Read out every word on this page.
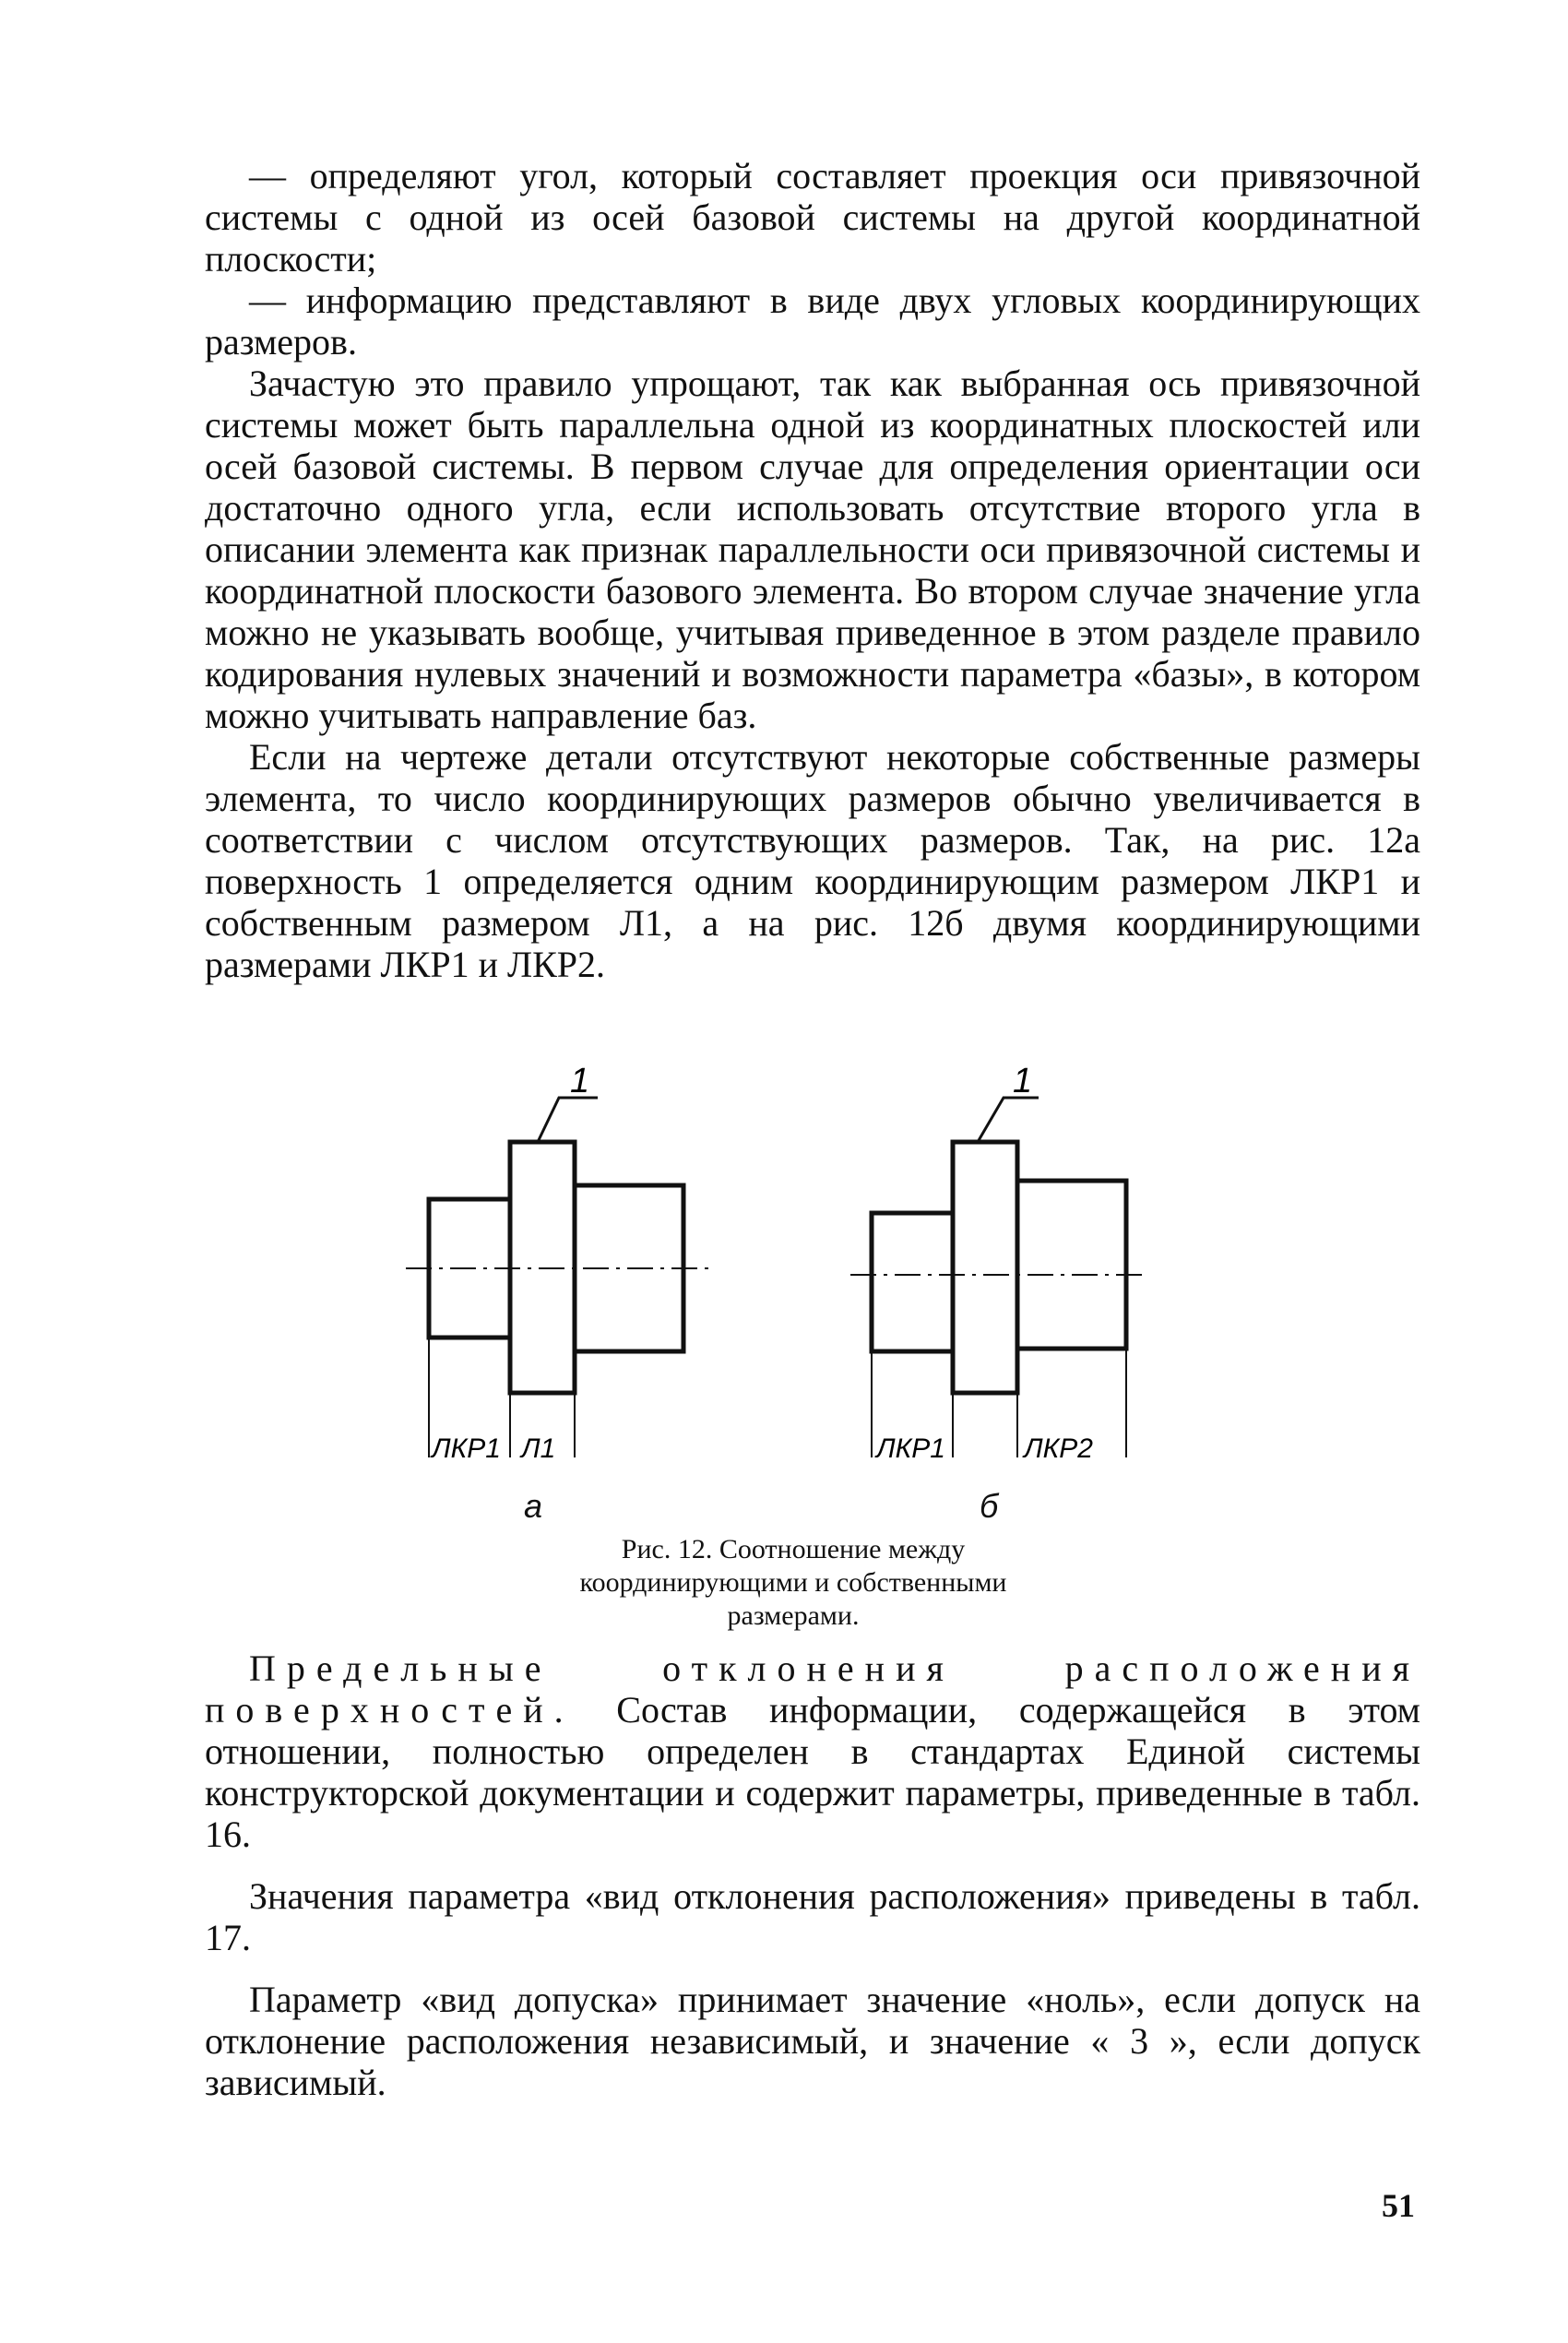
— определяют угол, который составляет проекция оси привязочной системы с одной из осей базовой системы на другой координатной плоскости;

— информацию представляют в виде двух угловых координирующих размеров.

Зачастую это правило упрощают, так как выбранная ось привязочной системы может быть параллельна одной из координатных плоскостей или осей базовой системы. В первом случае для определения ориентации оси достаточно одного угла, если использовать отсутствие второго угла в описании элемента как признак параллельности оси привязочной системы и координатной плоскости базового элемента. Во втором случае значение угла можно не указывать вообще, учитывая приведенное в этом разделе правило кодирования нулевых значений и возможности параметра «базы», в котором можно учитывать направление баз.

Если на чертеже детали отсутствуют некоторые собственные размеры элемента, то число координирующих размеров обычно увеличивается в соответствии с числом отсутствующих размеров. Так, на рис. 12а поверхность 1 определяется одним координирующим размером ЛКР1 и собственным размером Л1, а на рис. 12б двумя координирующими размерами ЛКР1 и ЛКР2.

1
ЛКР1 Л1
1
ЛКР1	ЛКР2
а	б
Рис. 12. Соотношение между
координирующими и собственными
размерами.

Предельные отклонения расположения поверхностей. Состав информации, содержащейся в этом отношении, полностью определен в стандартах Единой системы конструкторской документации и содержит параметры, приведенные в табл. 16.

Значения параметра «вид отклонения расположения» приведены в табл. 17.

Параметр «вид допуска» принимает значение «ноль», если допуск на отклонение расположения независимый, и значение « 3 », если допуск зависимый.

51
